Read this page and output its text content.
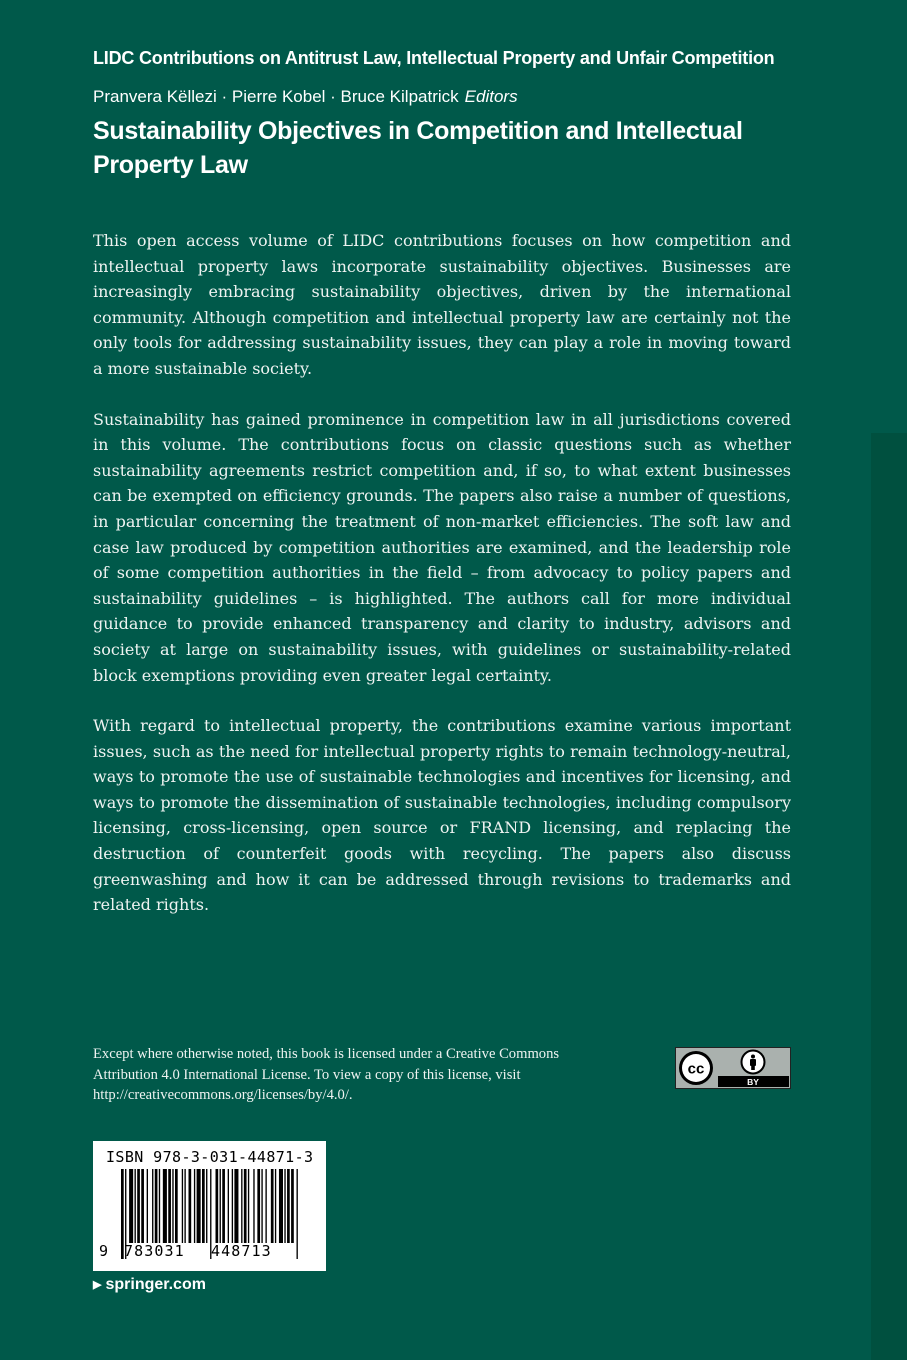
LIDC Contributions on Antitrust Law, Intellectual Property and Unfair Competition
Pranvera Këllezi · Pierre Kobel · Bruce Kilpatrick Editors
Sustainability Objectives in Competition and Intellectual Property Law

This open access volume of LIDC contributions focuses on how competition and intellectual property laws incorporate sustainability objectives. Businesses are increasingly embracing sustainability objectives, driven by the international community. Although competition and intellectual property law are certainly not the only tools for addressing sustainability issues, they can play a role in moving toward a more sustainable society.

Sustainability has gained prominence in competition law in all jurisdictions covered in this volume. The contributions focus on classic questions such as whether sustainability agreements restrict competition and, if so, to what extent businesses can be exempted on efficiency grounds. The papers also raise a number of questions, in particular concerning the treatment of non-market efficiencies. The soft law and case law produced by competition authorities are examined, and the leadership role of some competition authorities in the field – from advocacy to policy papers and sustainability guidelines – is highlighted. The authors call for more individual guidance to provide enhanced transparency and clarity to industry, advisors and society at large on sustainability issues, with guidelines or sustainability-related block exemptions providing even greater legal certainty.

With regard to intellectual property, the contributions examine various important issues, such as the need for intellectual property rights to remain technology-neutral, ways to promote the use of sustainable technologies and incentives for licensing, and ways to promote the dissemination of sustainable technologies, including compulsory licensing, cross-licensing, open source or FRAND licensing, and replacing the destruction of counterfeit goods with recycling. The papers also discuss greenwashing and how it can be addressed through revisions to trademarks and related rights.

Except where otherwise noted, this book is licensed under a Creative Commons Attribution 4.0 International License. To view a copy of this license, visit http://creativecommons.org/licenses/by/4.0/.
cc
BY
ISBN 978-3-031-44871-3
9 783031 448713
▶ springer.com
